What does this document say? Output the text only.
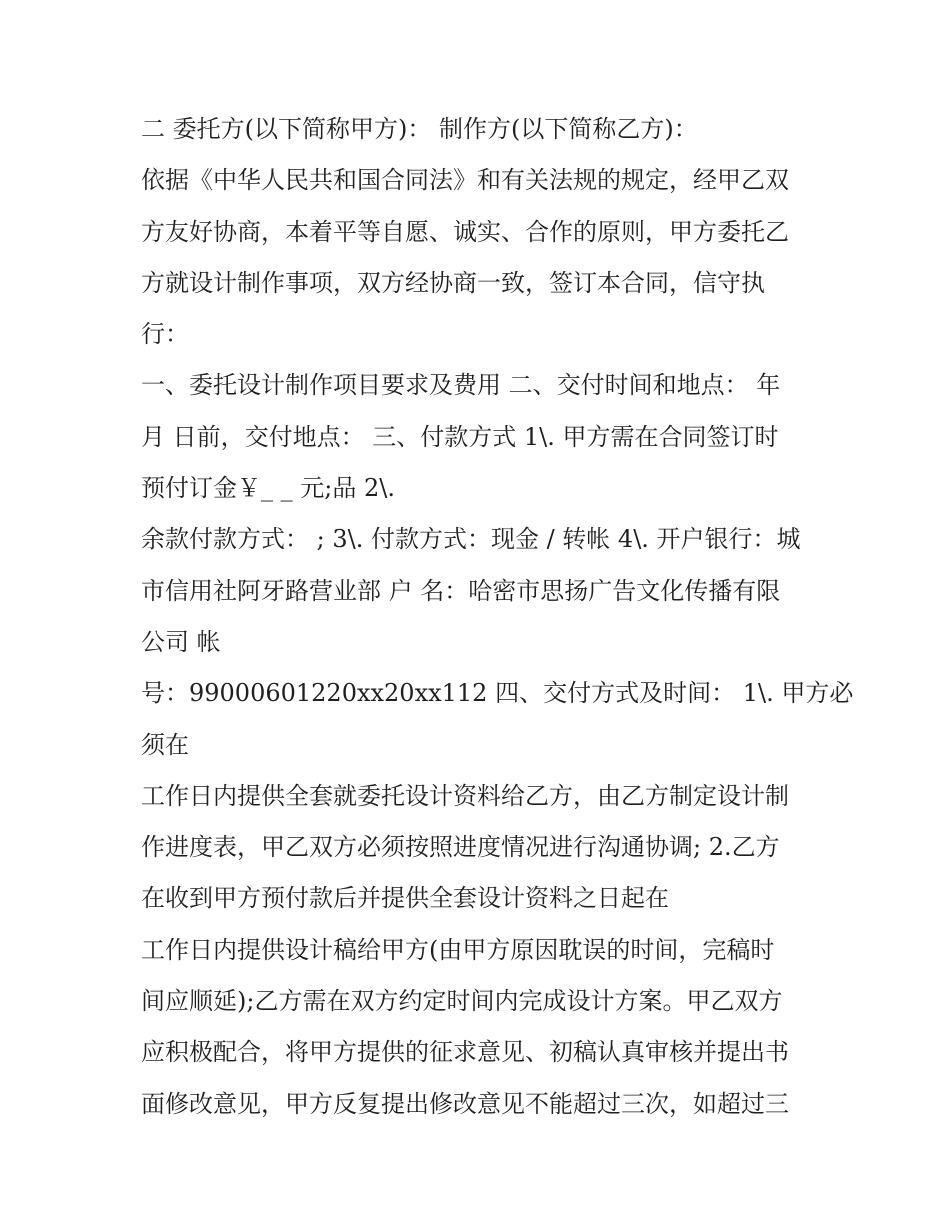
二 委托方(以下简称甲方)： 制作方(以下简称乙方)：

依据《中华人民共和国合同法》和有关法规的规定，经甲乙双

方友好协商，本着平等自愿、诚实、合作的原则，甲方委托乙

方就设计制作事项，双方经协商一致，签订本合同，信守执

行：

一、委托设计制作项目要求及费用 二、交付时间和地点： 年

月 日前，交付地点： 三、付款方式 1\. 甲方需在合同签订时

预付订金￥_ _ 元;品 2\.

余款付款方式： ; 3\. 付款方式：现金 / 转帐 4\. 开户银行：城

市信用社阿牙路营业部 户 名：哈密市思扬广告文化传播有限

公司 帐

号：99000601220xx20xx112 四、交付方式及时间： 1\. 甲方必

须在

工作日内提供全套就委托设计资料给乙方，由乙方制定设计制

作进度表，甲乙双方必须按照进度情况进行沟通协调; 2.乙方

在收到甲方预付款后并提供全套设计资料之日起在

工作日内提供设计稿给甲方(由甲方原因耽误的时间，完稿时

间应顺延);乙方需在双方约定时间内完成设计方案。甲乙双方

应积极配合，将甲方提供的征求意见、初稿认真审核并提出书

面修改意见，甲方反复提出修改意见不能超过三次，如超过三
